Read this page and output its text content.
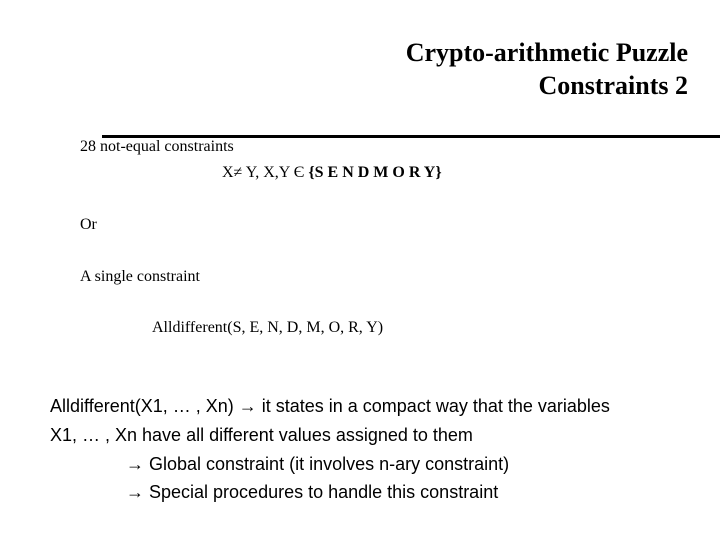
Crypto-arithmetic Puzzle
Constraints 2
28 not-equal constraints
X≠ Y, X,Y Є {S E N D M O R Y}
Or
A single constraint
Alldifferent(S, E, N, D, M, O, R, Y)
Alldifferent(X1, … , Xn) → it states in a compact way that the variables
X1, … , Xn have all different values assigned to them
→ Global constraint (it involves n-ary constraint)
→ Special procedures to handle this constraint
